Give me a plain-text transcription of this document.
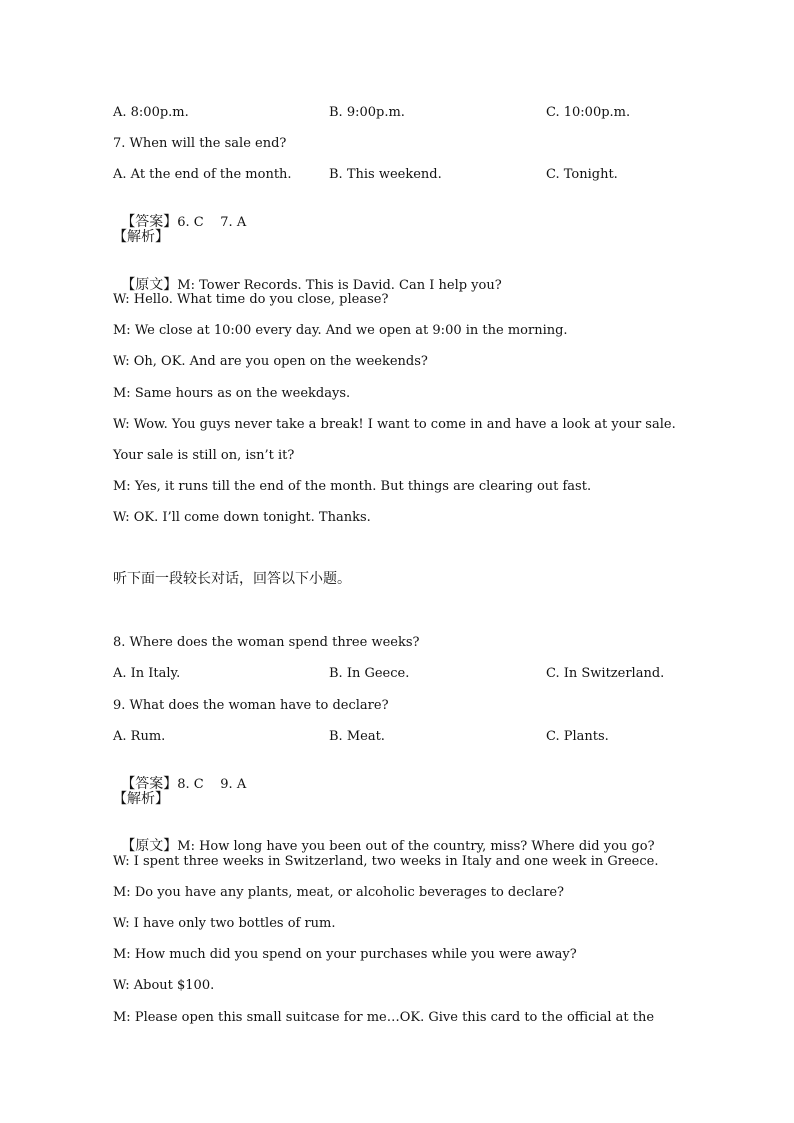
A. 8:00p.m.	B. 9:00p.m.	C. 10:00p.m.
7. When will the sale end?
A. At the end of the month.	B. This weekend.	C. Tonight.

【答案】6. C    7. A

【解析】

【原文】M: Tower Records. This is David. Can I help you?

W: Hello. What time do you close, please?
M: We close at 10:00 every day. And we open at 9:00 in the morning.
W: Oh, OK. And are you open on the weekends?
M: Same hours as on the weekdays.
W: Wow. You guys never take a break! I want to come in and have a look at your sale.
Your sale is still on, isn’t it?
M: Yes, it runs till the end of the month. But things are clearing out fast.
W: OK. I’ll come down tonight. Thanks.
听下面一段较长对话，回答以下小题。
8. Where does the woman spend three weeks?
A. In Italy.	B. In Geece.	C. In Switzerland.
9. What does the woman have to declare?
A. Rum.	B. Meat.	C. Plants.

【答案】8. C    9. A

【解析】

【原文】M: How long have you been out of the country, miss? Where did you go?

W: I spent three weeks in Switzerland, two weeks in Italy and one week in Greece.
M: Do you have any plants, meat, or alcoholic beverages to declare?
W: I have only two bottles of rum.
M: How much did you spend on your purchases while you were away?
W: About $100.
M: Please open this small suitcase for me…OK. Give this card to the official at the
